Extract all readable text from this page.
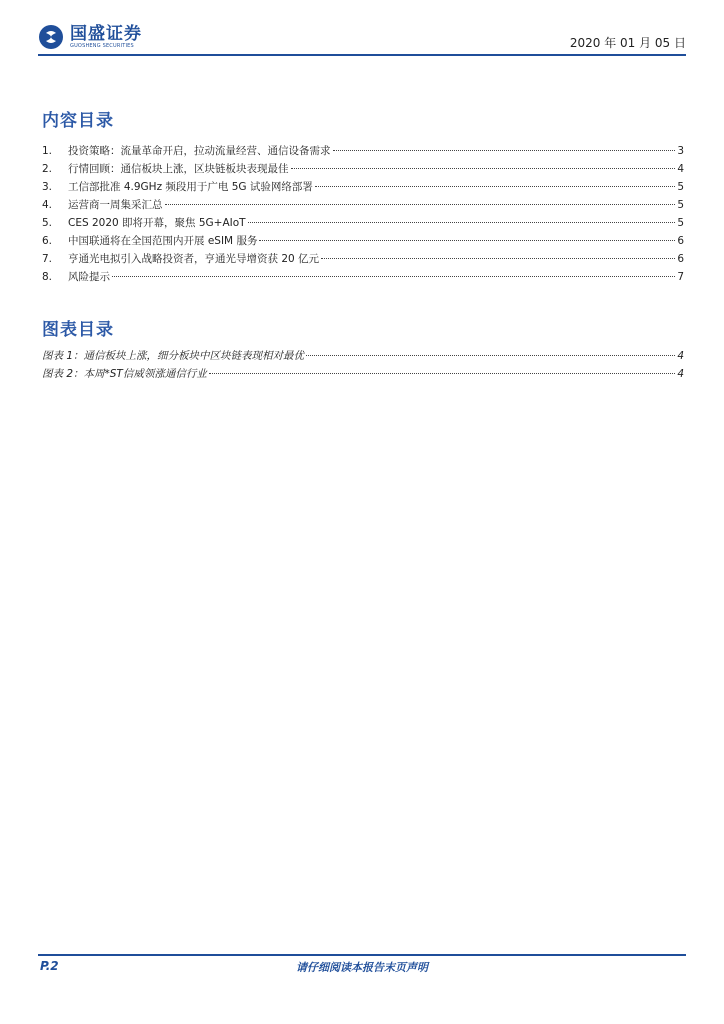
国盛证券
GUOSHENG SECURITIES	2020 年 01 月 05 日
内容目录
1.	投资策略：流量革命开启，拉动流量经营、通信设备需求	3
2.	行情回顾：通信板块上涨，区块链板块表现最佳	4
3.	工信部批准 4.9GHz 频段用于广电 5G 试验网络部署	5
4.	运营商一周集采汇总	5
5.	CES 2020 即将开幕，聚焦 5G+AIoT	5
6.	中国联通将在全国范围内开展 eSIM 服务	6
7.	亨通光电拟引入战略投资者，亨通光导增资获 20 亿元	6
8.	风险提示	7
图表目录
图表 1：通信板块上涨，细分板块中区块链表现相对最优	4
图表 2：本周*ST信威领涨通信行业	4
P.2	请仔细阅读本报告末页声明
